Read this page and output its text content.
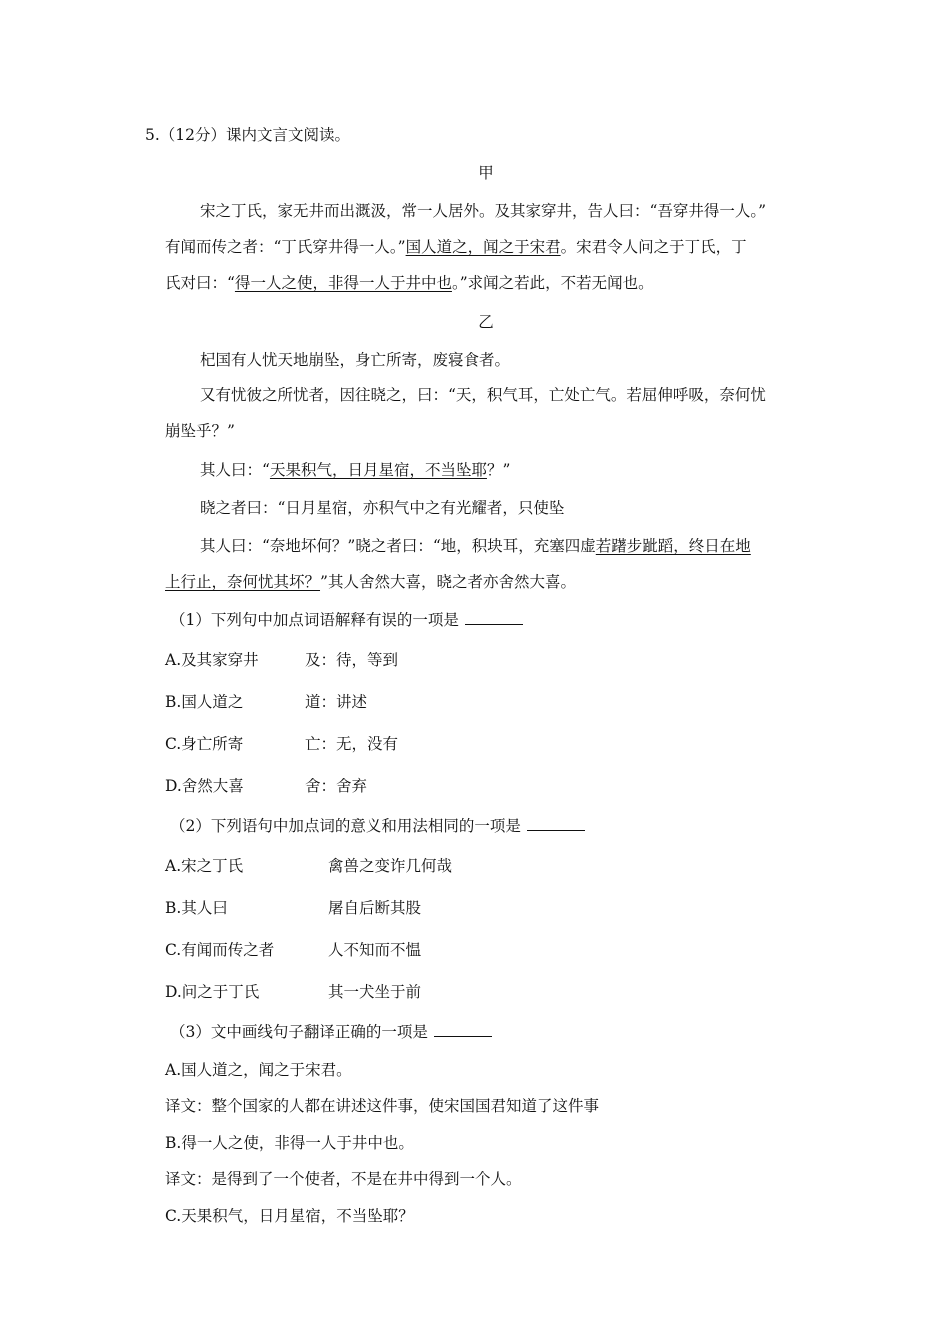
5.（12分）课内文言文阅读。
甲
宋之丁氏，家无井而出溉汲，常一人居外。及其家穿井，告人曰：“吾穿井得一人。”
有闻而传之者：“丁氏穿井得一人。”国人道之，闻之于宋君。宋君令人问之于丁氏，丁
氏对曰：“得一人之使，非得一人于井中也。”求闻之若此，不若无闻也。
乙
杞国有人忧天地崩坠，身亡所寄，废寝食者。
又有忧彼之所忧者，因往晓之，曰：“天，积气耳，亡处亡气。若屈伸呼吸，奈何忧
崩坠乎？”
其人曰：“天果积气，日月星宿，不当坠耶？”
晓之者曰：“日月星宿，亦积气中之有光耀者，只使坠
其人曰：“奈地坏何？”晓之者曰：“地，积块耳，充塞四虚若躇步跐蹈，终日在地
上行止，奈何忧其坏？”其人舍然大喜，晓之者亦舍然大喜。
（1）下列句中加点词语解释有误的一项是
A.及其家穿井	及：待，等到
B.国人道之	道：讲述
C.身亡所寄	亡：无，没有
D.舍然大喜	舍：舍弃
（2）下列语句中加点词的意义和用法相同的一项是
A.宋之丁氏	禽兽之变诈几何哉
B.其人曰	屠自后断其股
C.有闻而传之者	人不知而不愠
D.问之于丁氏	其一犬坐于前
（3）文中画线句子翻译正确的一项是
A.国人道之，闻之于宋君。
译文：整个国家的人都在讲述这件事，使宋国国君知道了这件事
B.得一人之使，非得一人于井中也。
译文：是得到了一个使者，不是在井中得到一个人。
C.天果积气，日月星宿，不当坠耶？
